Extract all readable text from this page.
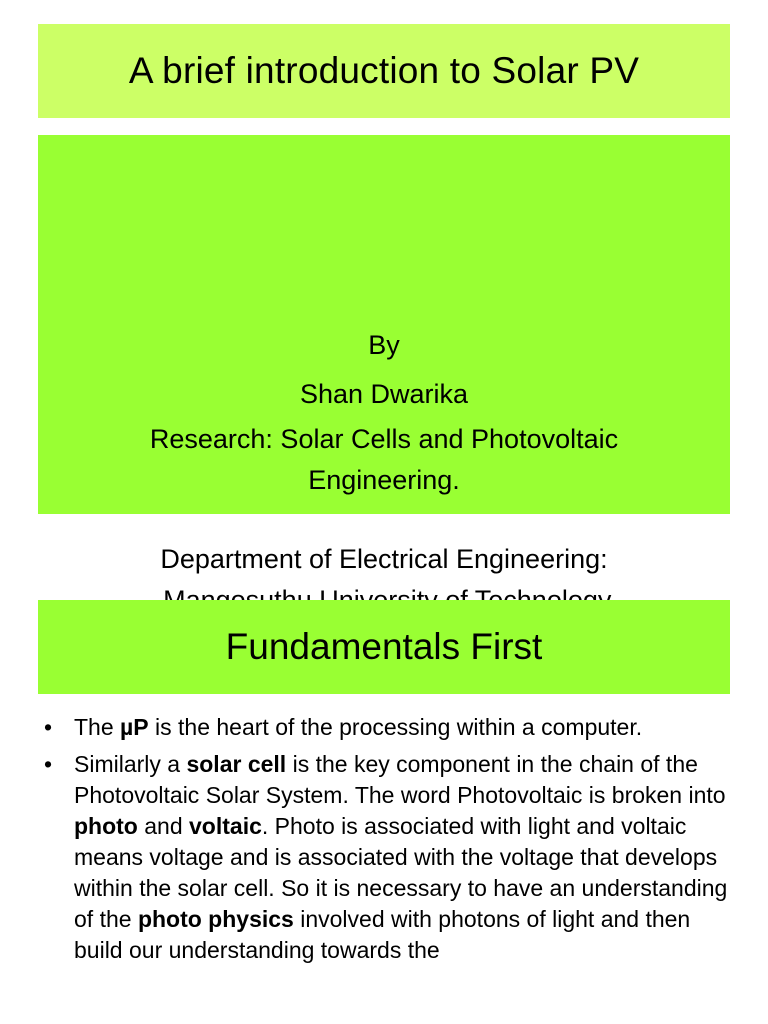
A brief introduction to Solar PV

By

Shan Dwarika

Research: Solar Cells and Photovoltaic Engineering.

Department of Electrical Engineering:

Fundamentals First
• The µP is the heart of the processing within a computer.
• Similarly a solar cell is the key component in the chain of the Photovoltaic Solar System. The word Photovoltaic is broken into photo and voltaic. Photo is associated with light and voltaic means voltage and is associated with the voltage that develops within the solar cell. So it is necessary to have an understanding of the photo physics involved with photons of light and then build our understanding towards the
